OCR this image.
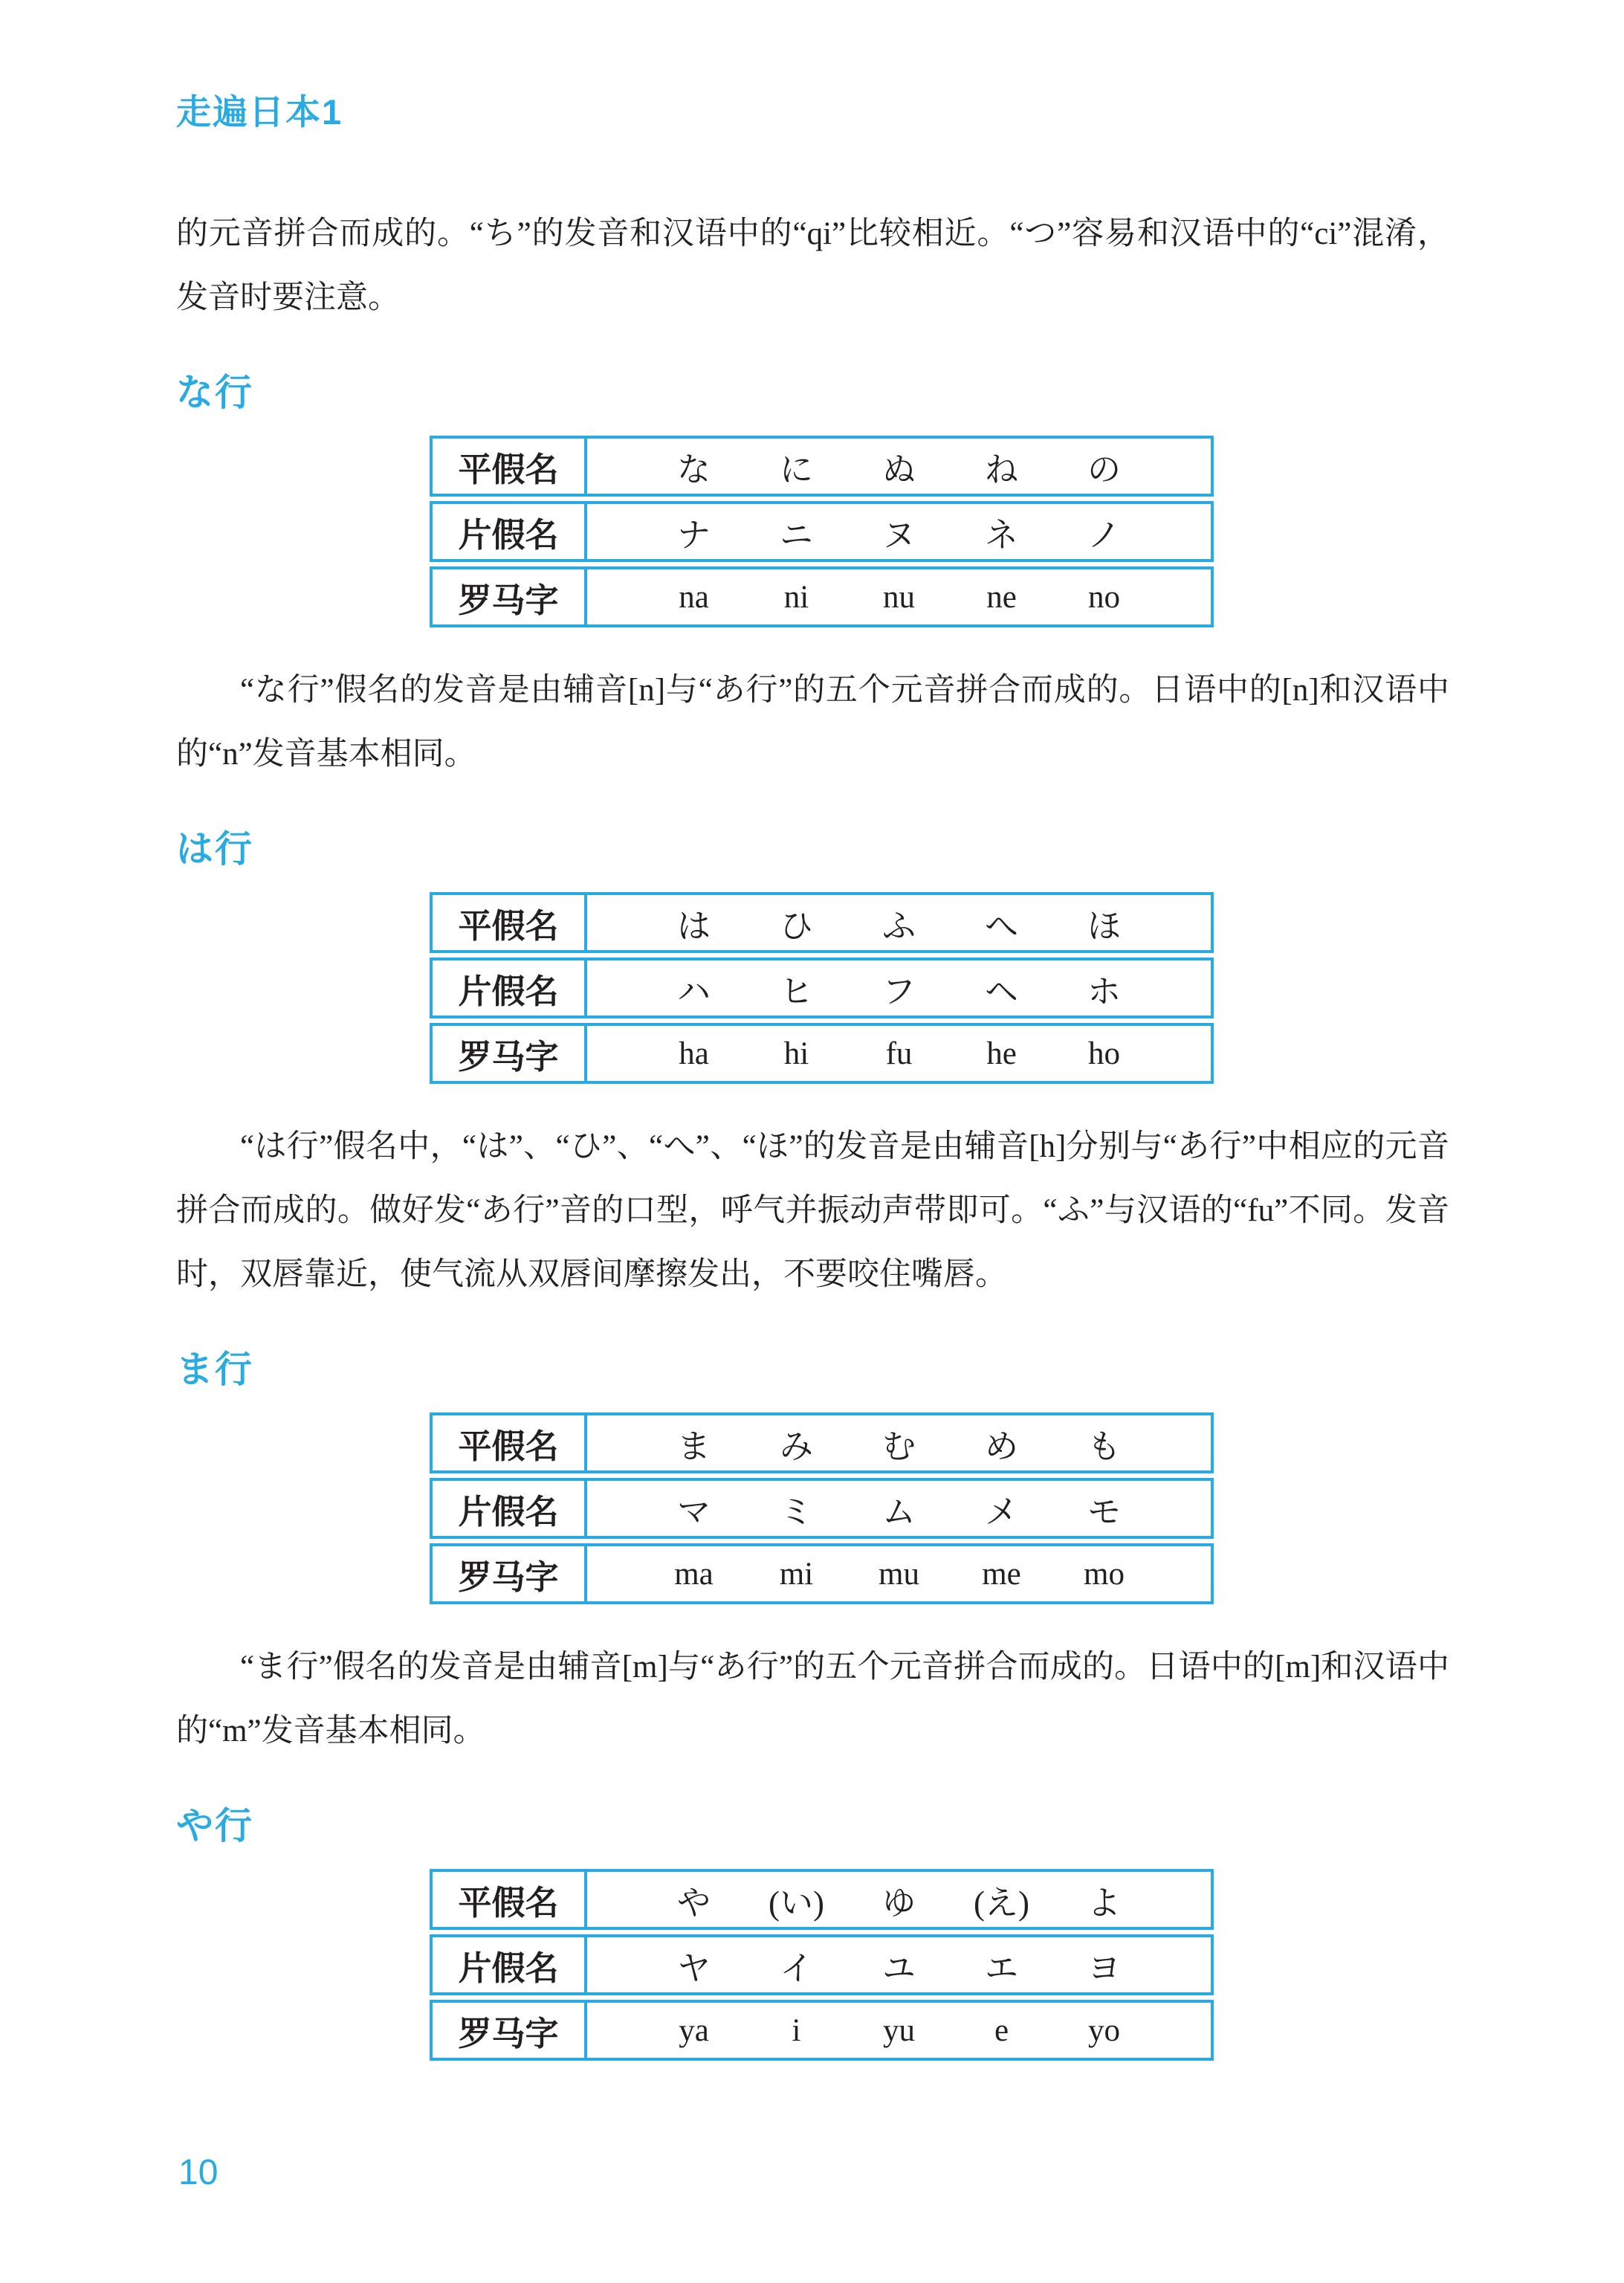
走遍日本1

的元音拼合而成的。“ち”的发音和汉语中的“qi”比较相近。“つ”容易和汉语中的“ci”混淆，发音时要注意。

な行
平假名	な	に	ぬ	ね	の
片假名	ナ	ニ	ヌ	ネ	ノ
罗马字	na	ni	nu	ne	no

“な行”假名的发音是由辅音[n]与“あ行”的五个元音拼合而成的。日语中的[n]和汉语中的“n”发音基本相同。

は行
平假名	は	ひ	ふ	へ	ほ
片假名	ハ	ヒ	フ	ヘ	ホ
罗马字	ha	hi	fu	he	ho

“は行”假名中，“は”、“ひ”、“へ”、“ほ”的发音是由辅音[h]分别与“あ行”中相应的元音拼合而成的。做好发“あ行”音的口型，呼气并振动声带即可。“ふ”与汉语的“fu”不同。发音时，双唇靠近，使气流从双唇间摩擦发出，不要咬住嘴唇。

ま行
平假名	ま	み	む	め	も
片假名	マ	ミ	ム	メ	モ
罗马字	ma	mi	mu	me	mo

“ま行”假名的发音是由辅音[m]与“あ行”的五个元音拼合而成的。日语中的[m]和汉语中的“m”发音基本相同。

や行
平假名	や	(い)	ゆ	(え)	よ
片假名	ヤ	イ	ユ	エ	ヨ
罗马字	ya	i	yu	e	yo
10
